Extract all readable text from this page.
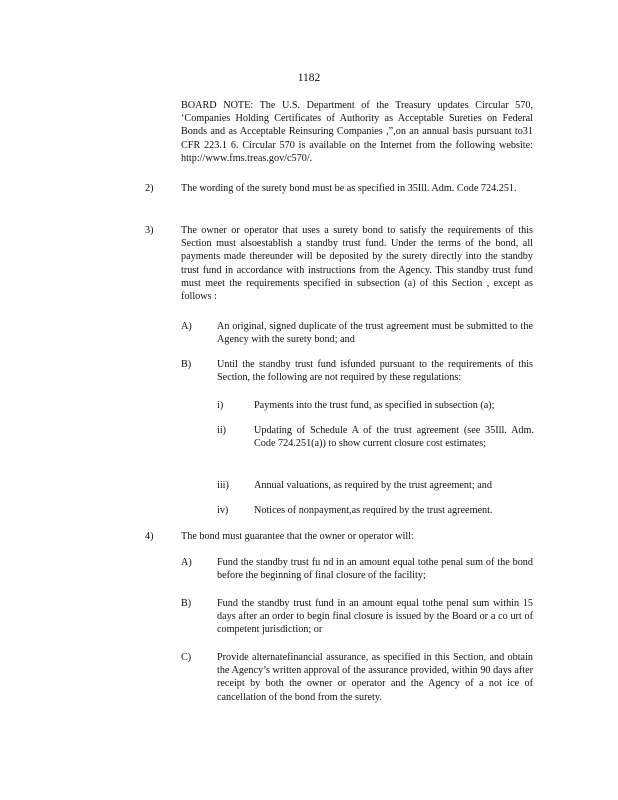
1182
BOARD NOTE: The U.S. Department of the Treasury updates Circular 570, ‘Companies Holding Certificates of Authority as Acceptable Sureties on Federal Bonds and as Acceptable Reinsuring Companies ,”,on an annual basis pursuant to31 CFR 223.1 6. Circular 570 is available on the Internet from the following website: http://www.fms.treas.gov/c570/.
2)	The wording of the surety bond must be as specified in 35Ill. Adm. Code 724.251.
3)	The owner or operator that uses a surety bond to satisfy the requirements of this Section must alsoestablish a standby trust fund. Under the terms of the bond, all payments made thereunder will be deposited by the surety directly into the standby trust fund in accordance with instructions from the Agency. This standby trust fund must meet the requirements specified in subsection (a) of this Section , except as follows :
A) An original, signed duplicate of the trust agreement must be submitted to the Agency with the surety bond; and
B)	Until the standby trust fund isfunded pursuant to the requirements of this Section, the following are not required by these regulations:
i)	Payments into the trust fund, as specified in subsection (a);
ii)	Updating of Schedule A of the trust agreement (see 35Ill. Adm. Code 724.251(a)) to show current closure cost estimates;
iii) Annual valuations, as required by the trust agreement; and
iv)	Notices of nonpayment,as required by the trust agreement.
4)	The bond must guarantee that the owner or operator will:
A) Fund the standby trust fu nd in an amount equal tothe penal sum of the bond before the beginning of final closure of the facility;
B)	Fund the standby trust fund in an amount equal tothe penal sum within 15 days after an order to begin final closure is issued by the Board or a co urt of competent jurisdiction; or
C)	Provide alternatefinancial assurance, as specified in this Section, and obtain the Agency’s written approval of the assurance provided, within 90 days after receipt by both the owner or operator and the Agency of a not ice of cancellation of the bond from the surety.
